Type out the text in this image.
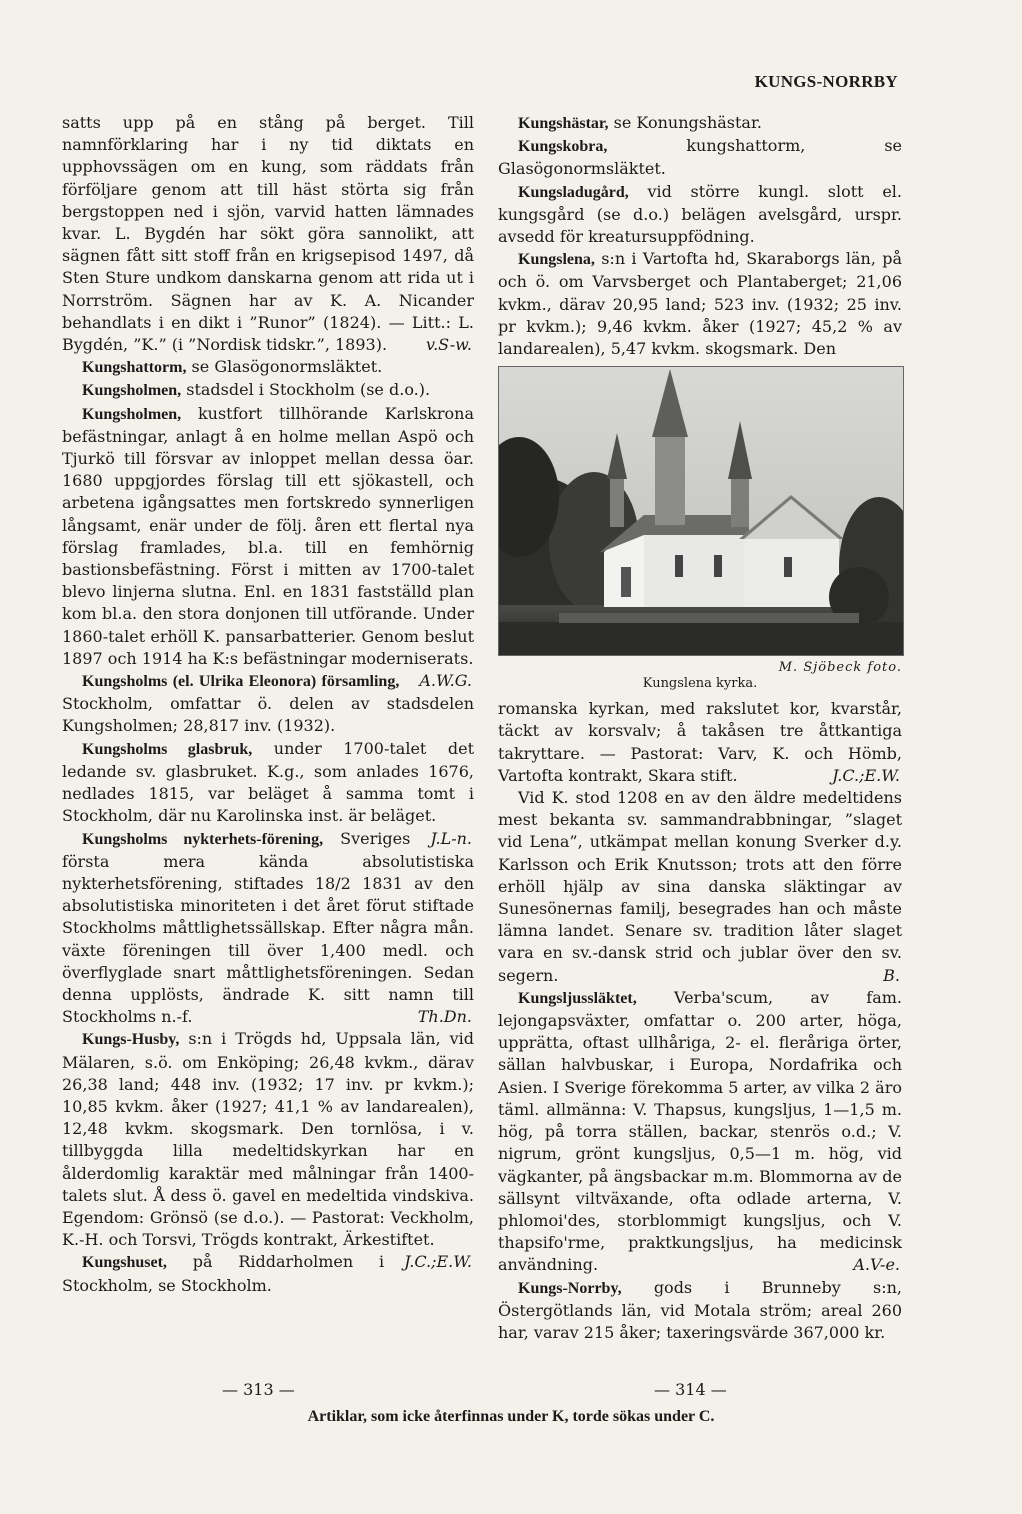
KUNGS-NORRBY

satts upp på en stång på berget. Till namnförklaring har i ny tid diktats en upphovssägen om en kung, som räddats från förföljare genom att till häst störta sig från bergstoppen ned i sjön, varvid hatten lämnades kvar. L. Bygdén har sökt göra sannolikt, att sägnen fått sitt stoff från en krigsepisod 1497, då Sten Sture undkom danskarna genom att rida ut i Norrström. Sägnen har av K. A. Nicander behandlats i en dikt i ”Runor” (1824). — Litt.: L. Bygdén, ”K.” (i ”Nordisk tidskr.”, 1893). v.S-w.

Kungshattorm, se Glasögonormsläktet.

Kungsholmen, stadsdel i Stockholm (se d.o.).

Kungsholmen, kustfort tillhörande Karlskrona befästningar, anlagt å en holme mellan Aspö och Tjurkö till försvar av inloppet mellan dessa öar. 1680 uppgjordes förslag till ett sjökastell, och arbetena igångsattes men fortskredo synnerligen långsamt, enär under de följ. åren ett flertal nya förslag framlades, bl.a. till en femhörnig bastionsbefästning. Först i mitten av 1700-talet blevo linjerna slutna. Enl. en 1831 fastställd plan kom bl.a. den stora donjonen till utförande. Under 1860-talet erhöll K. pansarbatterier. Genom beslut 1897 och 1914 ha K:s befästningar moderniserats.
A.W.G.

Kungsholms (el. Ulrika Eleonora) församling, Stockholm, omfattar ö. delen av stadsdelen Kungsholmen; 28,817 inv. (1932).

Kungsholms glasbruk, under 1700-talet det ledande sv. glasbruket. K.g., som anlades 1676, nedlades 1815, var beläget å samma tomt i Stockholm, där nu Karolinska inst. är beläget.
J.L-n.

Kungsholms nykterhets-förening, Sveriges första mera kända absolutistiska nykterhetsförening, stiftades 18/2 1831 av den absolutistiska minoriteten i det året förut stiftade Stockholms måttlighetssällskap. Efter några mån. växte föreningen till över 1,400 medl. och överflyglade snart måttlighetsföreningen. Sedan denna upplösts, ändrade K. sitt namn till Stockholms n.-f.	Th.Dn.

Kungs-Husby, s:n i Trögds hd, Uppsala län, vid Mälaren, s.ö. om Enköping; 26,48 kvkm., därav 26,38 land; 448 inv. (1932; 17 inv. pr kvkm.); 10,85 kvkm. åker (1927; 41,1 % av landarealen), 12,48 kvkm. skogsmark. Den tornlösa, i v. tillbyggda lilla medeltidskyrkan har en ålderdomlig karaktär med målningar från 1400-talets slut. Å dess ö. gavel en medeltida vindskiva. Egendom: Grönsö (se d.o.). — Pastorat: Veckholm, K.-H. och Torsvi, Trögds kontrakt, Ärkestiftet.
J.C.;E.W.

Kungshuset, på Riddarholmen i Stockholm, se Stockholm.

Kungshästar, se Konungshästar.

Kungskobra,	kungshattorm, se Glasögonormsläktet.

Kungsladugård, vid större kungl. slott el. kungsgård (se d.o.) belägen avelsgård, urspr. avsedd för kreatursuppfödning.

Kungslena, s:n i Vartofta hd, Skaraborgs län, på och ö. om Varvsberget och Plantaberget; 21,06 kvkm., därav 20,95 land; 523 inv. (1932; 25 inv. pr kvkm.); 9,46 kvkm. åker (1927; 45,2 % av landarealen), 5,47 kvkm. skogsmark. Den

M. Sjöbeck foto.
Kungslena kyrka.

romanska kyrkan, med rakslutet kor, kvarstår, täckt av korsvalv; å takåsen tre åttkantiga takryttare. — Pastorat: Varv, K. och Hömb, Vartofta kontrakt, Skara stift.	J.C.;E.W.

Vid K. stod 1208 en av den äldre medeltidens mest bekanta sv. sammandrabbningar, ”slaget vid Lena”, utkämpat mellan konung Sverker d.y. Karlsson och Erik Knutsson; trots att den förre erhöll hjälp av sina danska släktingar av Sunesönernas familj, besegrades han och måste lämna landet. Senare sv. tradition låter slaget vara en sv.-dansk strid och jublar över den sv. segern.	B.

Kungsljussläktet, Verba'scum, av fam. lejongapsväxter, omfattar o. 200 arter, höga, upprätta, oftast ullhåriga, 2- el. fleråriga örter, sällan halvbuskar, i Europa, Nordafrika och Asien. I Sverige förekomma 5 arter, av vilka 2 äro täml. allmänna: V. Thapsus, kungsljus, 1—1,5 m. hög, på torra ställen, backar, stenrös o.d.; V. nigrum, grönt kungsljus, 0,5—1 m. hög, vid vägkanter, på ängsbackar m.m. Blommorna av de sällsynt viltväxande, ofta odlade arterna, V. phlomoi'des, storblommigt kungsljus, och V. thapsifo'rme, praktkungsljus, ha medicinsk användning.	A.V-e.

Kungs-Norrby, gods i Brunneby s:n, Östergötlands län, vid Motala ström; areal 260 har, varav 215 åker; taxeringsvärde 367,000 kr.

— 313 —	— 314 —
Artiklar, som icke återfinnas under K, torde sökas under C.
